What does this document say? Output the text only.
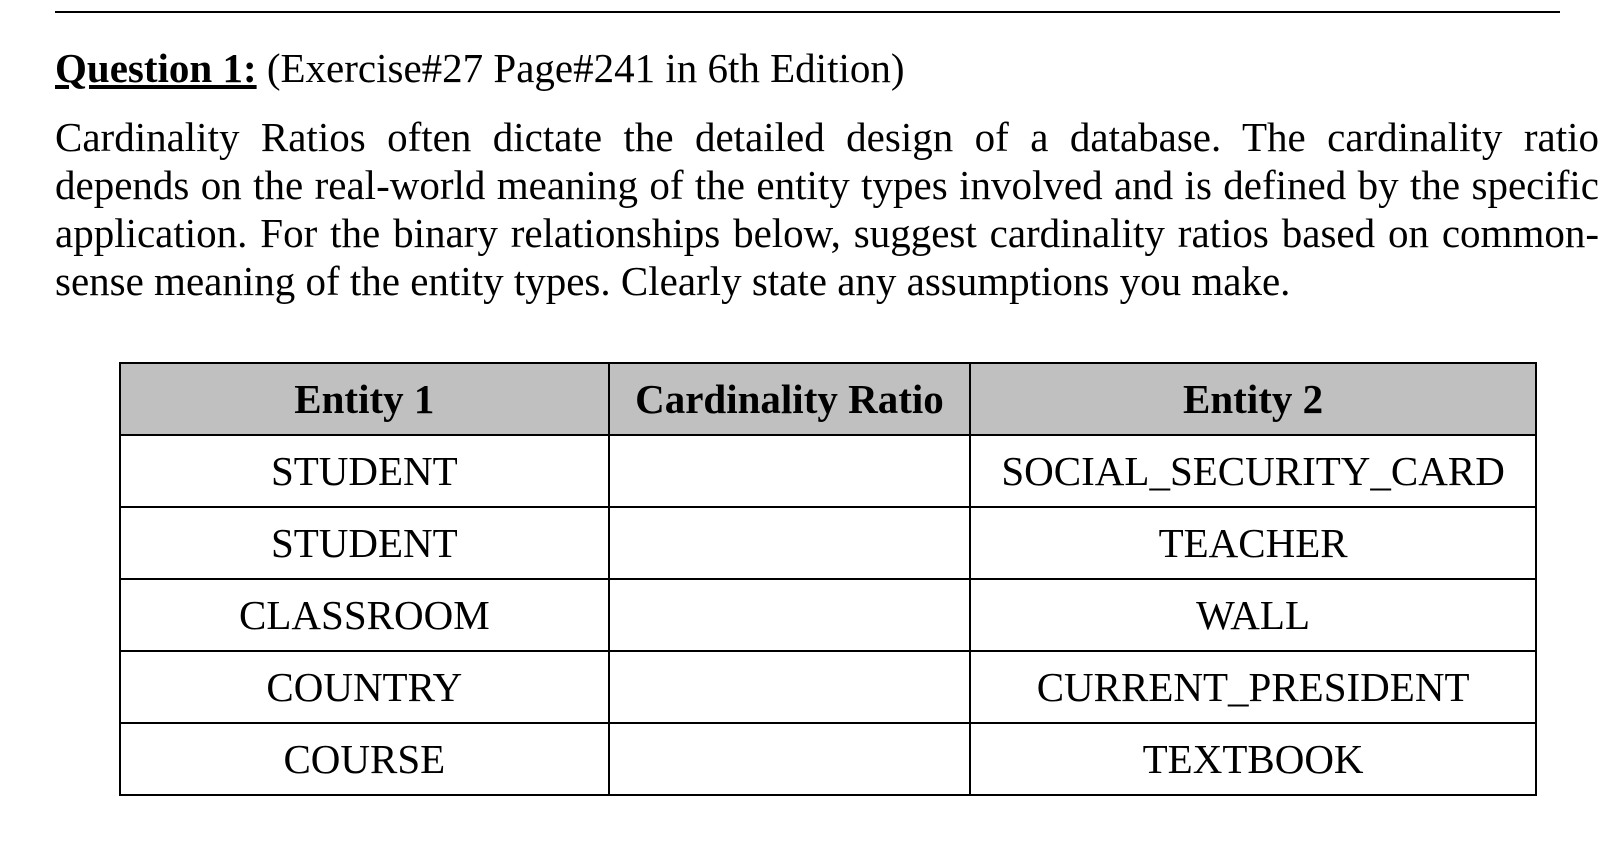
Question 1: (Exercise#27 Page#241 in 6th Edition)

Cardinality Ratios often dictate the detailed design of a database. The cardinality ratio depends on the real-world meaning of the entity types involved and is defined by the specific application. For the binary relationships below, suggest cardinality ratios based on common-sense meaning of the entity types. Clearly state any assumptions you make.

Entity 1	Cardinality Ratio	Entity 2
STUDENT		SOCIAL_SECURITY_CARD
STUDENT		TEACHER
CLASSROOM		WALL
COUNTRY		CURRENT_PRESIDENT
COURSE		TEXTBOOK
